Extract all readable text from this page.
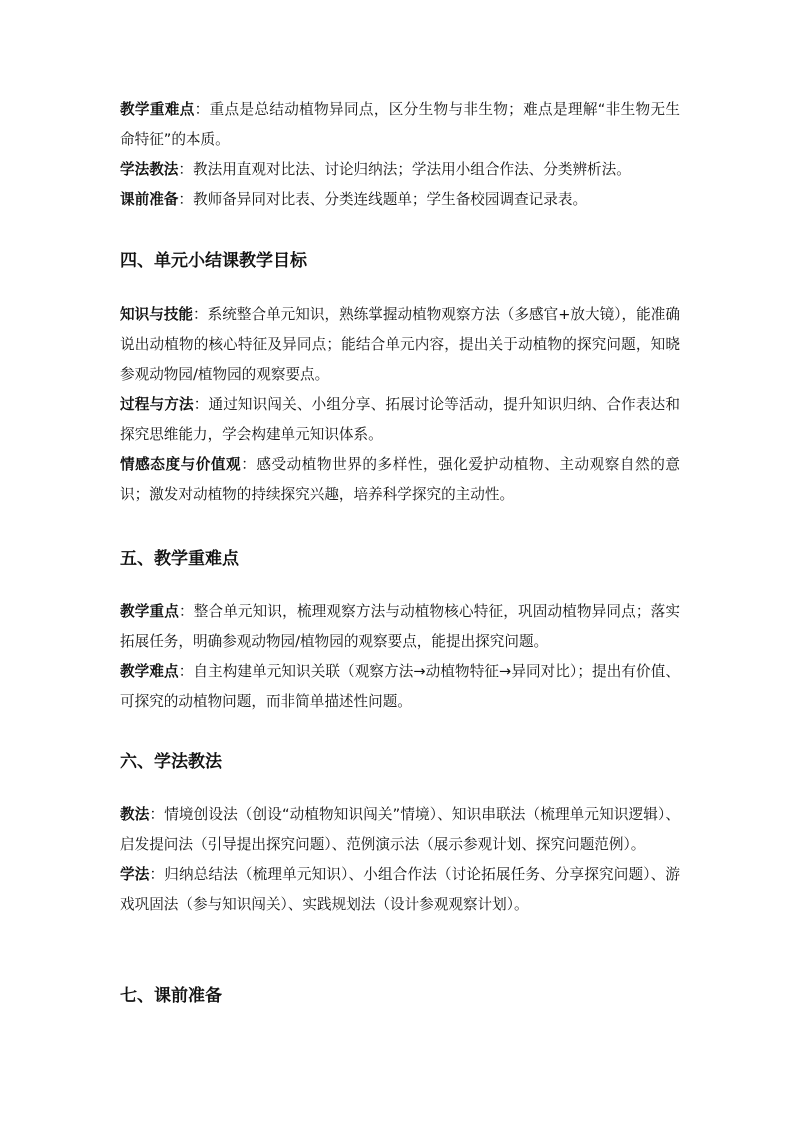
教学重难点：重点是总结动植物异同点，区分生物与非生物；难点是理解“非生物无生命特征”的本质。

学法教法：教法用直观对比法、讨论归纳法；学法用小组合作法、分类辨析法。

课前准备：教师备异同对比表、分类连线题单；学生备校园调查记录表。

四、单元小结课教学目标

知识与技能：系统整合单元知识，熟练掌握动植物观察方法（多感官+放大镜），能准确说出动植物的核心特征及异同点；能结合单元内容，提出关于动植物的探究问题，知晓参观动物园/植物园的观察要点。

过程与方法：通过知识闯关、小组分享、拓展讨论等活动，提升知识归纳、合作表达和探究思维能力，学会构建单元知识体系。

情感态度与价值观：感受动植物世界的多样性，强化爱护动植物、主动观察自然的意识；激发对动植物的持续探究兴趣，培养科学探究的主动性。

五、教学重难点

教学重点：整合单元知识，梳理观察方法与动植物核心特征，巩固动植物异同点；落实拓展任务，明确参观动物园/植物园的观察要点，能提出探究问题。

教学难点：自主构建单元知识关联（观察方法→动植物特征→异同对比）；提出有价值、可探究的动植物问题，而非简单描述性问题。

六、学法教法

教法：情境创设法（创设“动植物知识闯关”情境）、知识串联法（梳理单元知识逻辑）、启发提问法（引导提出探究问题）、范例演示法（展示参观计划、探究问题范例）。

学法：归纳总结法（梳理单元知识）、小组合作法（讨论拓展任务、分享探究问题）、游戏巩固法（参与知识闯关）、实践规划法（设计参观观察计划）。

七、课前准备
